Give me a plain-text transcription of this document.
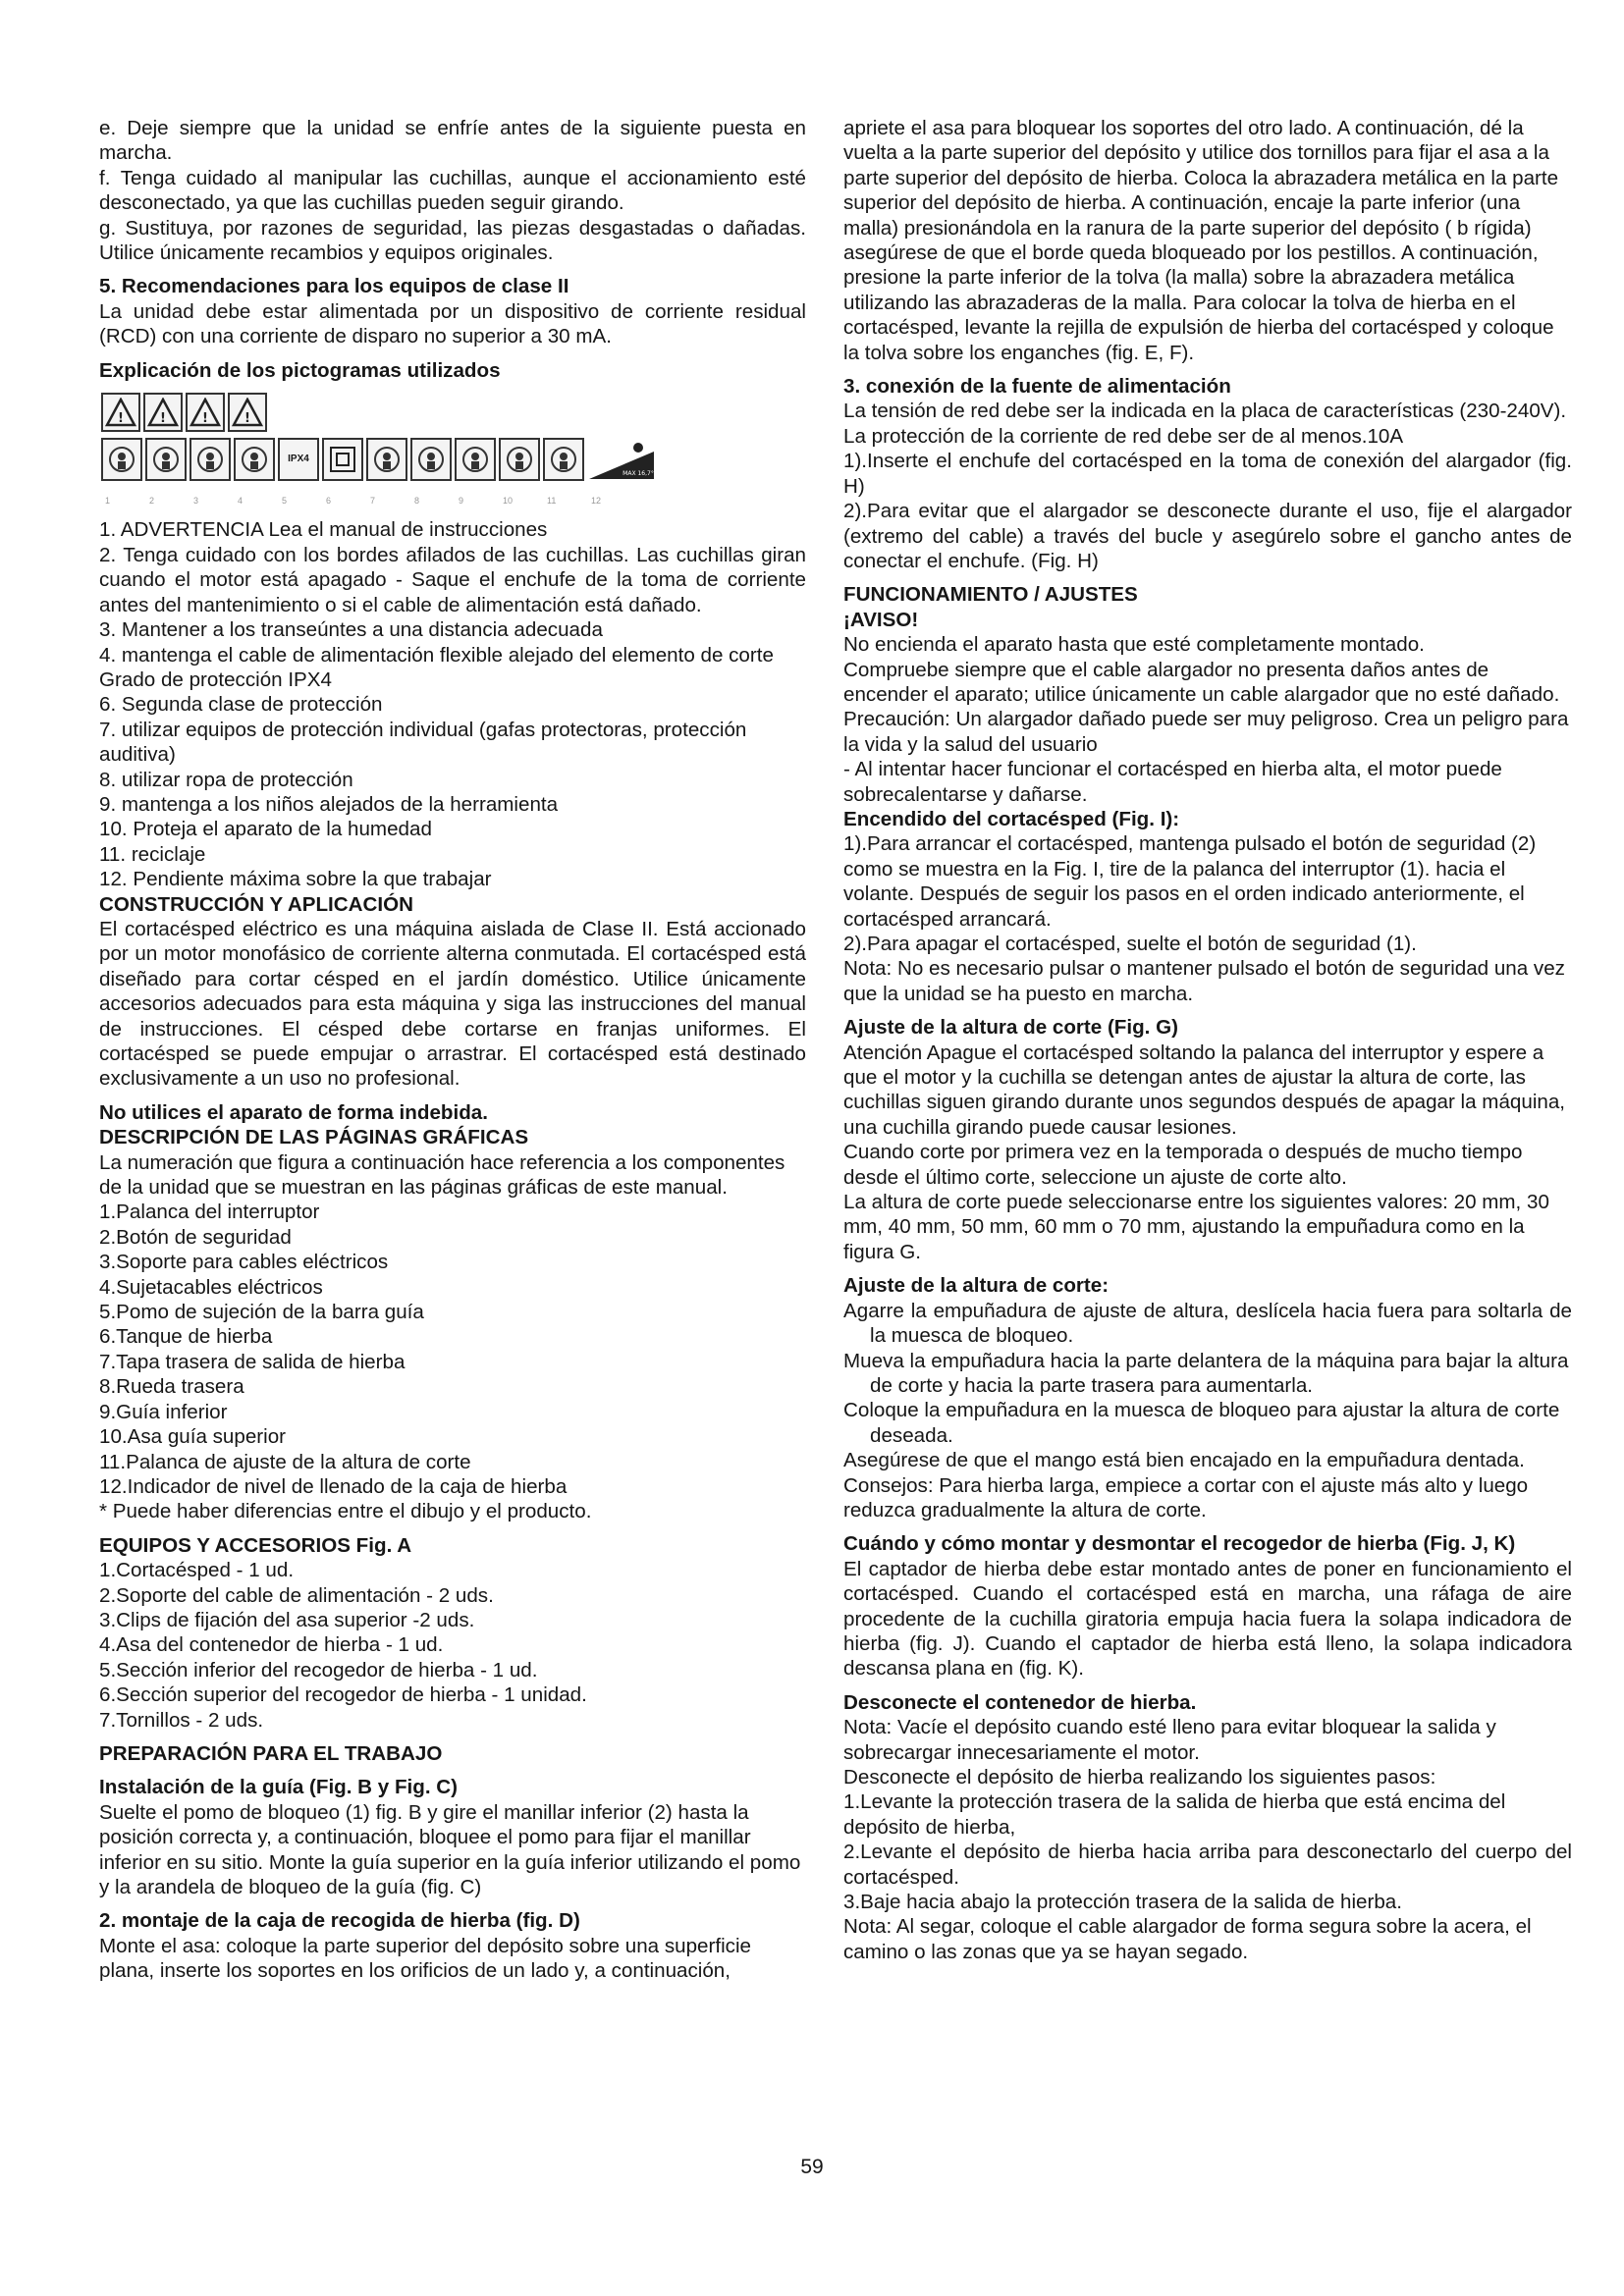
e. Deje siempre que la unidad se enfríe antes de la siguiente puesta en marcha.

f. Tenga cuidado al manipular las cuchillas, aunque el accionamiento esté desconectado, ya que las cuchillas pueden seguir girando.

g. Sustituya, por razones de seguridad, las piezas desgastadas o dañadas. Utilice únicamente recambios y equipos originales.

5. Recomendaciones para los equipos de clase II

La unidad debe estar alimentada por un dispositivo de corriente residual (RCD) con una corriente de disparo no superior a 30 mA.

Explicación de los pictogramas utilizados

!	!	!	!
IPX4
MAX 16,7°
1	2	3	4	5	6	7	8	9	10	11	12

1. ADVERTENCIA Lea el manual de instrucciones

2. Tenga cuidado con los bordes afilados de las cuchillas. Las cuchillas giran cuando el motor está apagado - Saque el enchufe de la toma de corriente antes del mantenimiento o si el cable de alimentación está dañado.

3. Mantener a los transeúntes a una distancia adecuada

4. mantenga el cable de alimentación flexible alejado del elemento de corte

Grado de protección IPX4

6. Segunda clase de protección

7. utilizar equipos de protección individual (gafas protectoras, protección auditiva)

8. utilizar ropa de protección

9. mantenga a los niños alejados de la herramienta

10. Proteja el aparato de la humedad

11. reciclaje

12. Pendiente máxima sobre la que trabajar

CONSTRUCCIÓN Y APLICACIÓN

El cortacésped eléctrico es una máquina aislada de Clase II. Está accionado por un motor monofásico de corriente alterna conmutada. El cortacésped está diseñado para cortar césped en el jardín doméstico. Utilice únicamente accesorios adecuados para esta máquina y siga las instrucciones del manual de instrucciones. El césped debe cortarse en franjas uniformes. El cortacésped se puede empujar o arrastrar. El cortacésped está destinado exclusivamente a un uso no profesional.

No utilices el aparato de forma indebida.

DESCRIPCIÓN DE LAS PÁGINAS GRÁFICAS

La numeración que figura a continuación hace referencia a los componentes de la unidad que se muestran en las páginas gráficas de este manual.

1.Palanca del interruptor

2.Botón de seguridad

3.Soporte para cables eléctricos

4.Sujetacables eléctricos

5.Pomo de sujeción de la barra guía

6.Tanque de hierba

7.Tapa trasera de salida de hierba

8.Rueda trasera

9.Guía inferior

10.Asa guía superior

11.Palanca de ajuste de la altura de corte

12.Indicador de nivel de llenado de la caja de hierba

* Puede haber diferencias entre el dibujo y el producto.

EQUIPOS Y ACCESORIOS Fig. A

1.Cortacésped - 1 ud.

2.Soporte del cable de alimentación - 2 uds.

3.Clips de fijación del asa superior -2 uds.

4.Asa del contenedor de hierba - 1 ud.

5.Sección inferior del recogedor de hierba - 1 ud.

6.Sección superior del recogedor de hierba - 1 unidad.

7.Tornillos - 2 uds.

PREPARACIÓN PARA EL TRABAJO

Instalación de la guía (Fig. B y Fig. C)

Suelte el pomo de bloqueo (1) fig. B y gire el manillar inferior (2) hasta la posición correcta y, a continuación, bloquee el pomo para fijar el manillar inferior en su sitio. Monte la guía superior en la guía inferior utilizando el pomo y la arandela de bloqueo de la guía (fig. C)

2. montaje de la caja de recogida de hierba (fig. D)

Monte el asa: coloque la parte superior del depósito sobre una superficie plana, inserte los soportes en los orificios de un lado y, a continuación,

apriete el asa para bloquear los soportes del otro lado. A continuación, dé la vuelta a la parte superior del depósito y utilice dos tornillos para fijar el asa a la parte superior del depósito de hierba. Coloca la abrazadera metálica en la parte superior del depósito de hierba. A continuación, encaje la parte inferior (una malla) presionándola en la ranura de la parte superior del depósito ( b rígida) asegúrese de que el borde queda bloqueado por los pestillos. A continuación, presione la parte inferior de la tolva (la malla) sobre la abrazadera metálica utilizando las abrazaderas de la malla. Para colocar la tolva de hierba en el cortacésped, levante la rejilla de expulsión de hierba del cortacésped y coloque la tolva sobre los enganches (fig. E, F).

3. conexión de la fuente de alimentación

La tensión de red debe ser la indicada en la placa de características (230-240V). La protección de la corriente de red debe ser de al menos.10A

1).Inserte el enchufe del cortacésped en la toma de conexión del alargador (fig. H)

2).Para evitar que el alargador se desconecte durante el uso, fije el alargador (extremo del cable) a través del bucle y asegúrelo sobre el gancho antes de conectar el enchufe. (Fig. H)

FUNCIONAMIENTO / AJUSTES

¡AVISO!

No encienda el aparato hasta que esté completamente montado.

Compruebe siempre que el cable alargador no presenta daños antes de encender el aparato; utilice únicamente un cable alargador que no esté dañado.

Precaución: Un alargador dañado puede ser muy peligroso. Crea un peligro para la vida y la salud del usuario

- Al intentar hacer funcionar el cortacésped en hierba alta, el motor puede sobrecalentarse y dañarse.

Encendido del cortacésped (Fig. I):

1).Para arrancar el cortacésped, mantenga pulsado el botón de seguridad (2) como se muestra en la Fig. I, tire de la palanca del interruptor (1). hacia el volante. Después de seguir los pasos en el orden indicado anteriormente, el cortacésped arrancará.

2).Para apagar el cortacésped, suelte el botón de seguridad (1).

Nota: No es necesario pulsar o mantener pulsado el botón de seguridad una vez que la unidad se ha puesto en marcha.

Ajuste de la altura de corte (Fig. G)

Atención Apague el cortacésped soltando la palanca del interruptor y espere a que el motor y la cuchilla se detengan antes de ajustar la altura de corte, las cuchillas siguen girando durante unos segundos después de apagar la máquina, una cuchilla girando puede causar lesiones.

Cuando corte por primera vez en la temporada o después de mucho tiempo desde el último corte, seleccione un ajuste de corte alto.

La altura de corte puede seleccionarse entre los siguientes valores: 20 mm, 30 mm, 40 mm, 50 mm, 60 mm o 70 mm, ajustando la empuñadura como en la figura G.

Ajuste de la altura de corte:

Agarre la empuñadura de ajuste de altura, deslícela hacia fuera para soltarla de la muesca de bloqueo.

Mueva la empuñadura hacia la parte delantera de la máquina para bajar la altura de corte y hacia la parte trasera para aumentarla.

Coloque la empuñadura en la muesca de bloqueo para ajustar la altura de corte deseada.

Asegúrese de que el mango está bien encajado en la empuñadura dentada.

Consejos: Para hierba larga, empiece a cortar con el ajuste más alto y luego reduzca gradualmente la altura de corte.

Cuándo y cómo montar y desmontar el recogedor de hierba (Fig. J, K)

El captador de hierba debe estar montado antes de poner en funcionamiento el cortacésped. Cuando el cortacésped está en marcha, una ráfaga de aire procedente de la cuchilla giratoria empuja hacia fuera la solapa indicadora de hierba (fig. J). Cuando el captador de hierba está lleno, la solapa indicadora descansa plana en (fig. K).

Desconecte el contenedor de hierba.

Nota: Vacíe el depósito cuando esté lleno para evitar bloquear la salida y sobrecargar innecesariamente el motor.

Desconecte el depósito de hierba realizando los siguientes pasos:

1.Levante la protección trasera de la salida de hierba que está encima del depósito de hierba,

2.Levante el depósito de hierba hacia arriba para desconectarlo del cuerpo del cortacésped.

3.Baje hacia abajo la protección trasera de la salida de hierba.

Nota: Al segar, coloque el cable alargador de forma segura sobre la acera, el camino o las zonas que ya se hayan segado.

59
